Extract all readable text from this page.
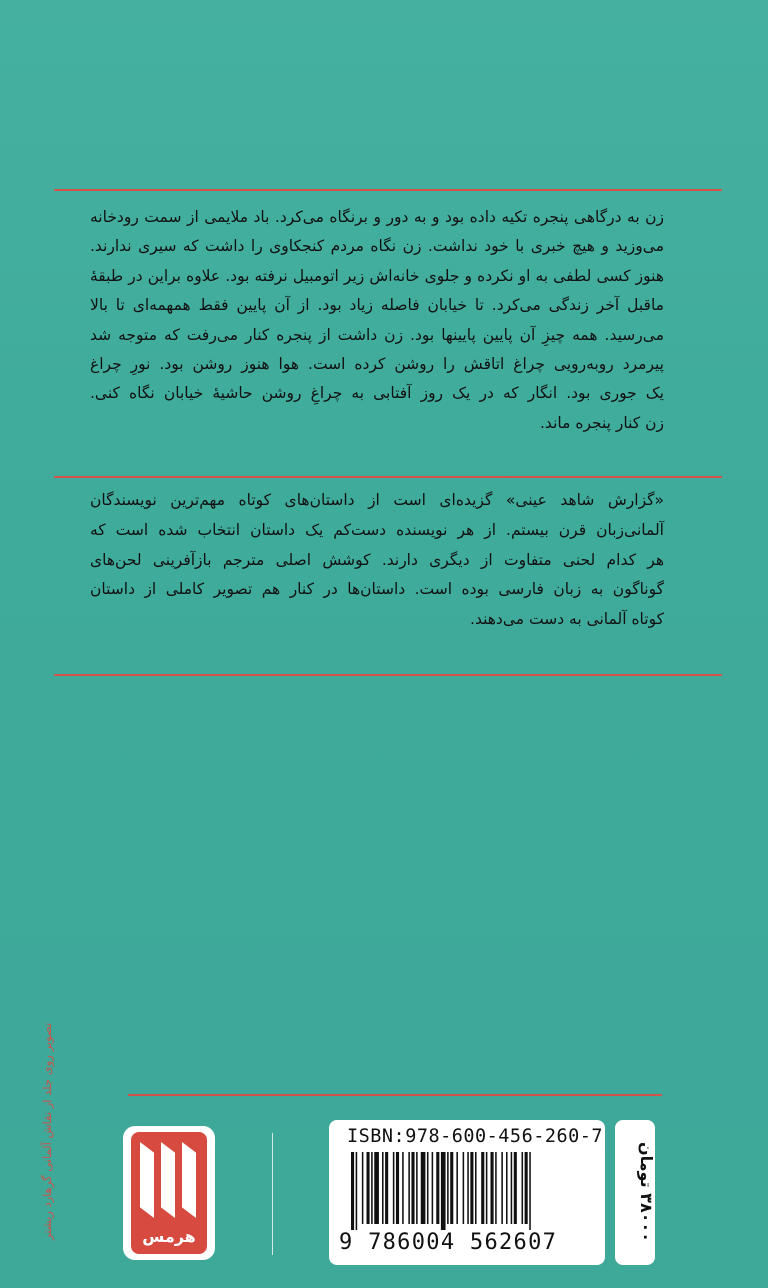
زن به درگاهی پنجره تکیه داده بود و به دور و برنگاه می‌کرد. باد ملایمی از سمت رودخانه
می‌وزید و هیچ خبری با خود نداشت. زن نگاه مردم کنجکاوی را داشت که سیری ندارند.
هنوز کسی لطفی به او نکرده و جلوی خانه‌اش زیر اتومبیل نرفته بود. علاوه براین در طبقهٔ
ماقبل آخر زندگی می‌کرد. تا خیابان فاصله زیاد بود. از آن پایین فقط همهمه‌ای تا بالا
می‌رسید. همه چیزِ آن پایین پایینها بود. زن داشت از پنجره کنار می‌رفت که متوجه شد
پیرمرد روبه‌رویی چراغ اتاقش را روشن کرده است. هوا هنوز روشن بود. نورِ چراغ
یک جوری بود. انگار که در یک روز آفتابی به چراغِ روشن حاشیهٔ خیابان نگاه کنی.
زن کنار پنجره ماند.
«گزارش شاهد عینی» گزیده‌ای است از داستان‌های کوتاه مهم‌ترین نویسندگان
آلمانی‌زبان قرن بیستم. از هر نویسنده دست‌کم یک داستان انتخاب شده است که
هر کدام لحنی متفاوت از دیگری دارند. کوشش اصلی مترجم بازآفرینی لحن‌های
گوناگون به زبان فارسی بوده است. داستان‌ها در کنار هم تصویر کاملی از داستان
کوتاه آلمانی به دست می‌دهند.
تصویر روی جلد از نقاش آلمانی گرهارد ریشتر	هرمس
ISBN:978-600-456-260-7
9 786004 562607
۳۸۰۰۰ تومان
